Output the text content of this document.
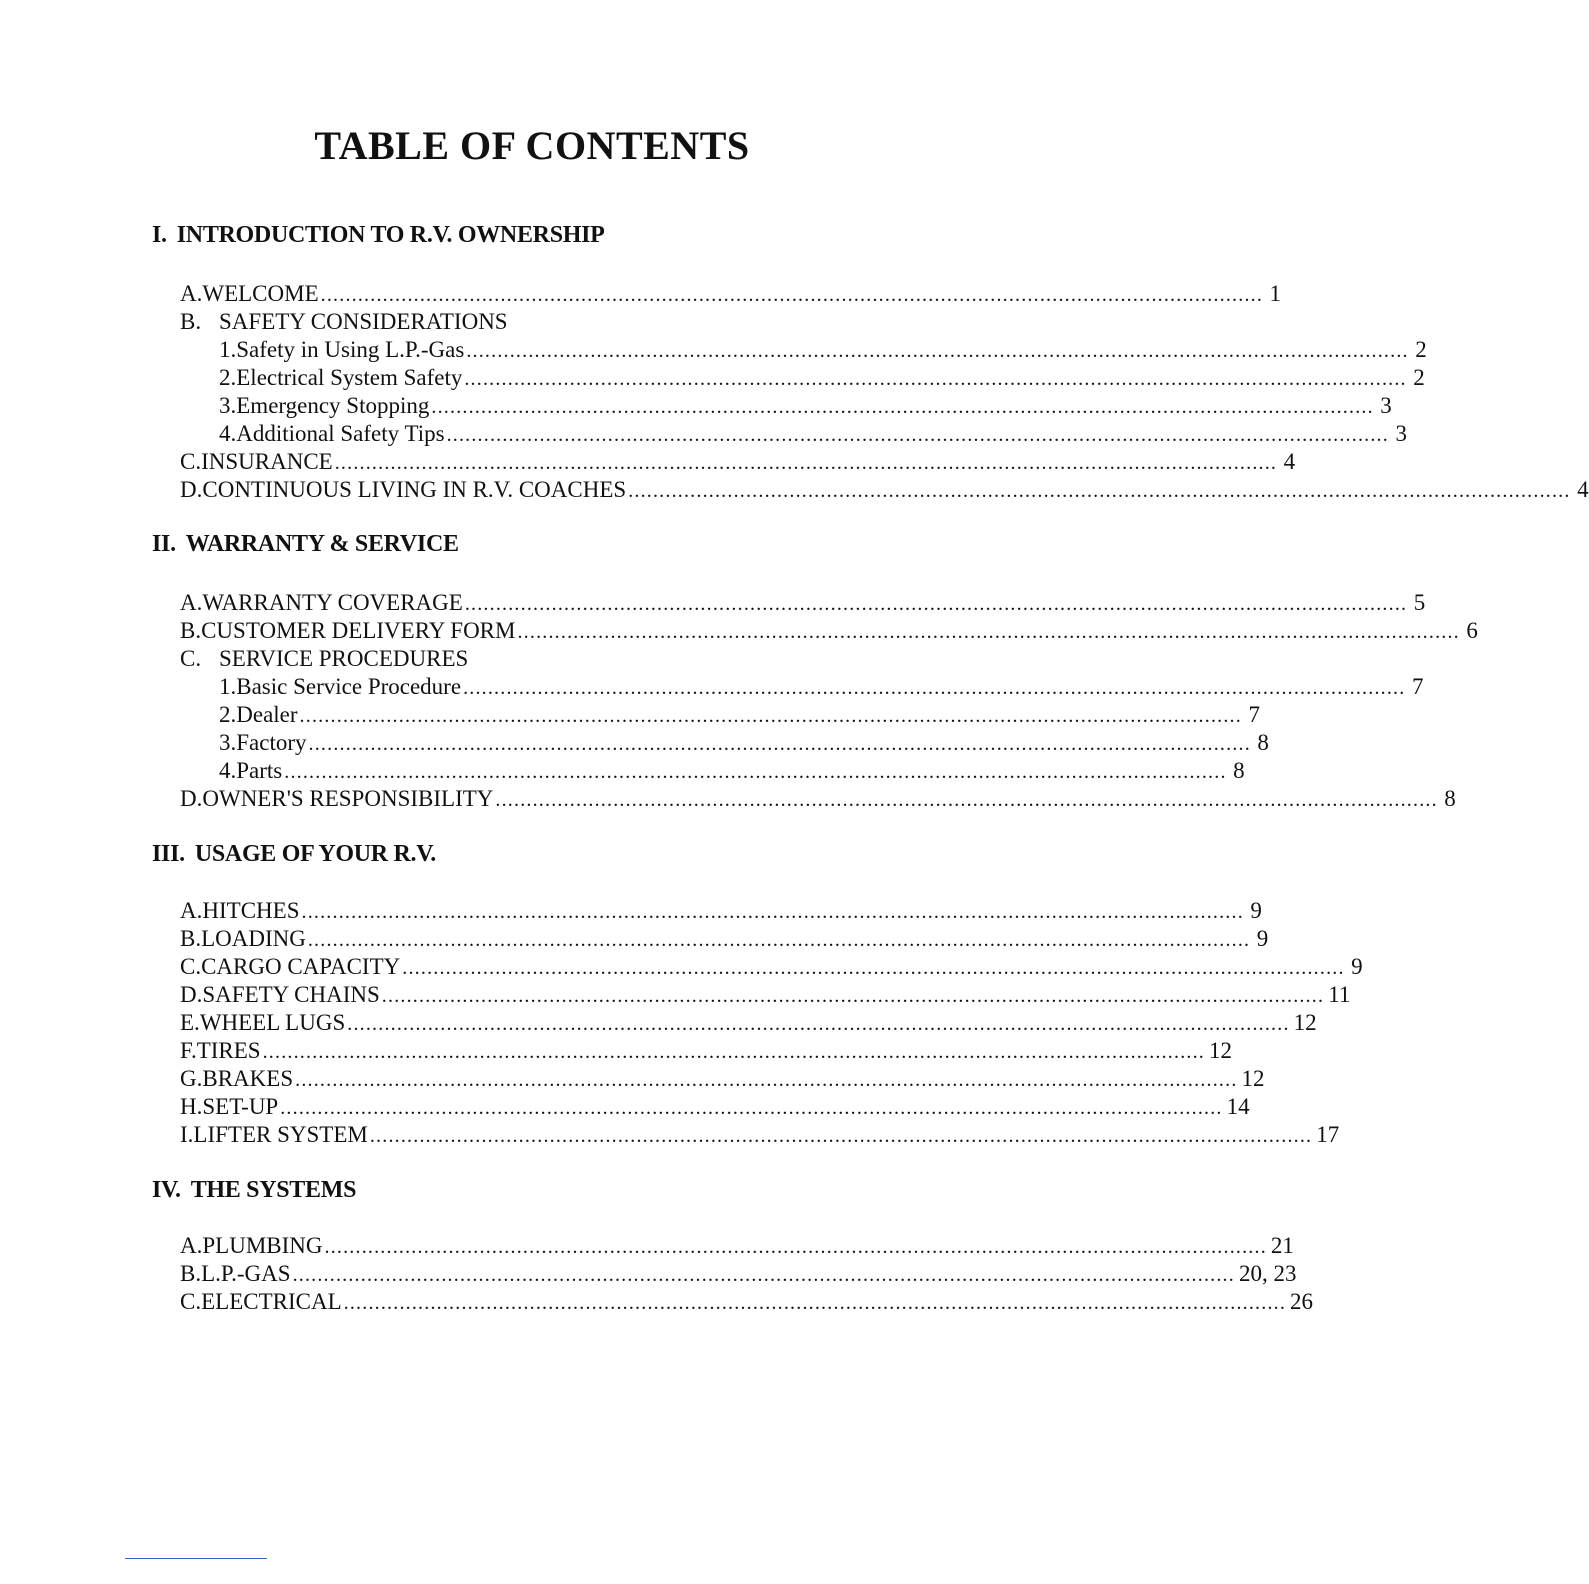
TABLE OF CONTENTS
I. INTRODUCTION TO R.V. OWNERSHIP
A. WELCOME ........................................................................................................................................................ 1
B. SAFETY CONSIDERATIONS
1. Safety in Using L.P.-Gas ........................................................................................................................................................ 2
2. Electrical System Safety ........................................................................................................................................................ 2
3. Emergency Stopping ........................................................................................................................................................ 3
4. Additional Safety Tips ........................................................................................................................................................ 3
C. INSURANCE ........................................................................................................................................................ 4
D. CONTINUOUS LIVING IN R.V. COACHES ........................................................................................................................................................ 4
II. WARRANTY & SERVICE
A. WARRANTY COVERAGE ........................................................................................................................................................ 5
B. CUSTOMER DELIVERY FORM ........................................................................................................................................................ 6
C. SERVICE PROCEDURES
1. Basic Service Procedure ........................................................................................................................................................ 7
2. Dealer ........................................................................................................................................................ 7
3. Factory ........................................................................................................................................................ 8
4. Parts ........................................................................................................................................................ 8
D. OWNER'S RESPONSIBILITY ........................................................................................................................................................ 8
III. USAGE OF YOUR R.V.
A. HITCHES ........................................................................................................................................................ 9
B. LOADING ........................................................................................................................................................ 9
C. CARGO CAPACITY ........................................................................................................................................................ 9
D. SAFETY CHAINS ........................................................................................................................................................ 11
E. WHEEL LUGS ........................................................................................................................................................ 12
F. TIRES ........................................................................................................................................................ 12
G. BRAKES ........................................................................................................................................................ 12
H. SET-UP ........................................................................................................................................................ 14
I. LIFTER SYSTEM ........................................................................................................................................................ 17
IV. THE SYSTEMS
A. PLUMBING ........................................................................................................................................................ 21
B. L.P.-GAS ........................................................................................................................................................ 20, 23
C. ELECTRICAL ........................................................................................................................................................ 26
